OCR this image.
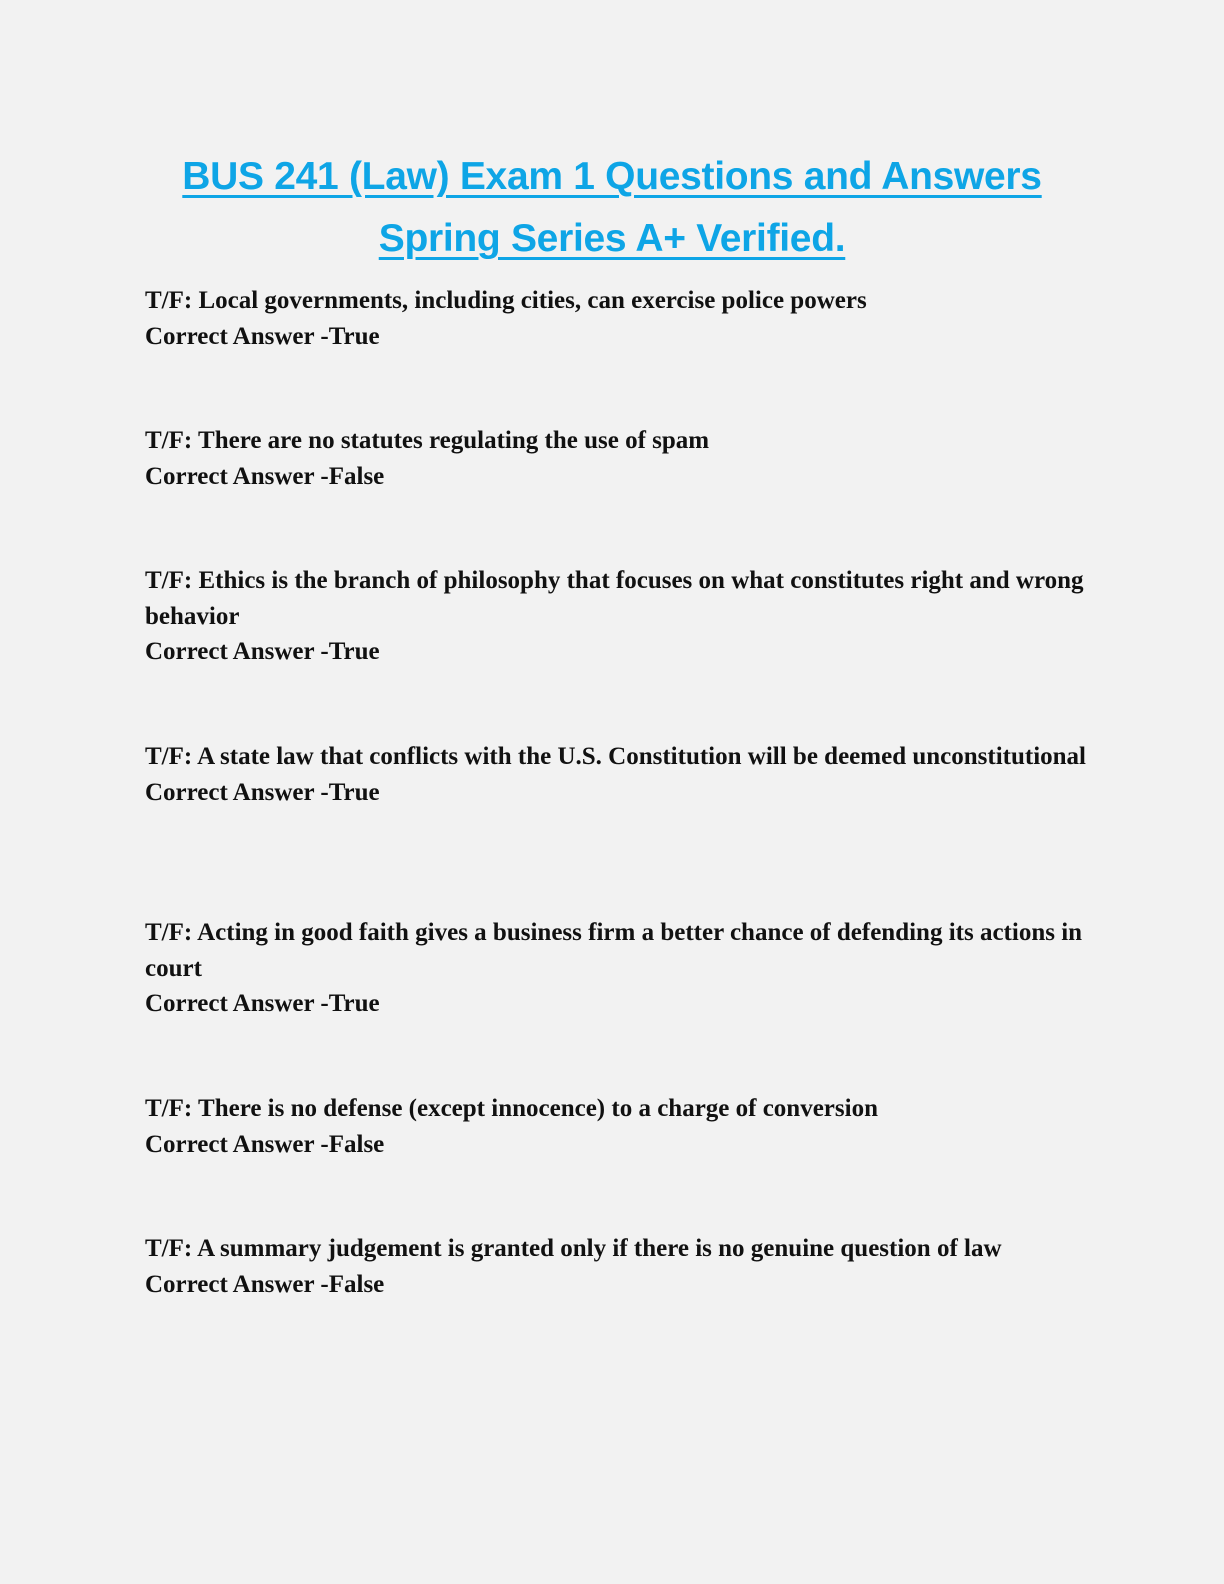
BUS 241 (Law) Exam 1 Questions and Answers
Spring Series A+ Verified.

T/F: Local governments, including cities, can exercise police powers

Correct Answer -True

T/F: There are no statutes regulating the use of spam

Correct Answer -False

T/F: Ethics is the branch of philosophy that focuses on what constitutes right and wrong behavior

Correct Answer -True

T/F: A state law that conflicts with the U.S. Constitution will be deemed unconstitutional

Correct Answer -True

T/F: Acting in good faith gives a business firm a better chance of defending its actions in court

Correct Answer -True

T/F: There is no defense (except innocence) to a charge of conversion

Correct Answer -False

T/F: A summary judgement is granted only if there is no genuine question of law

Correct Answer -False
